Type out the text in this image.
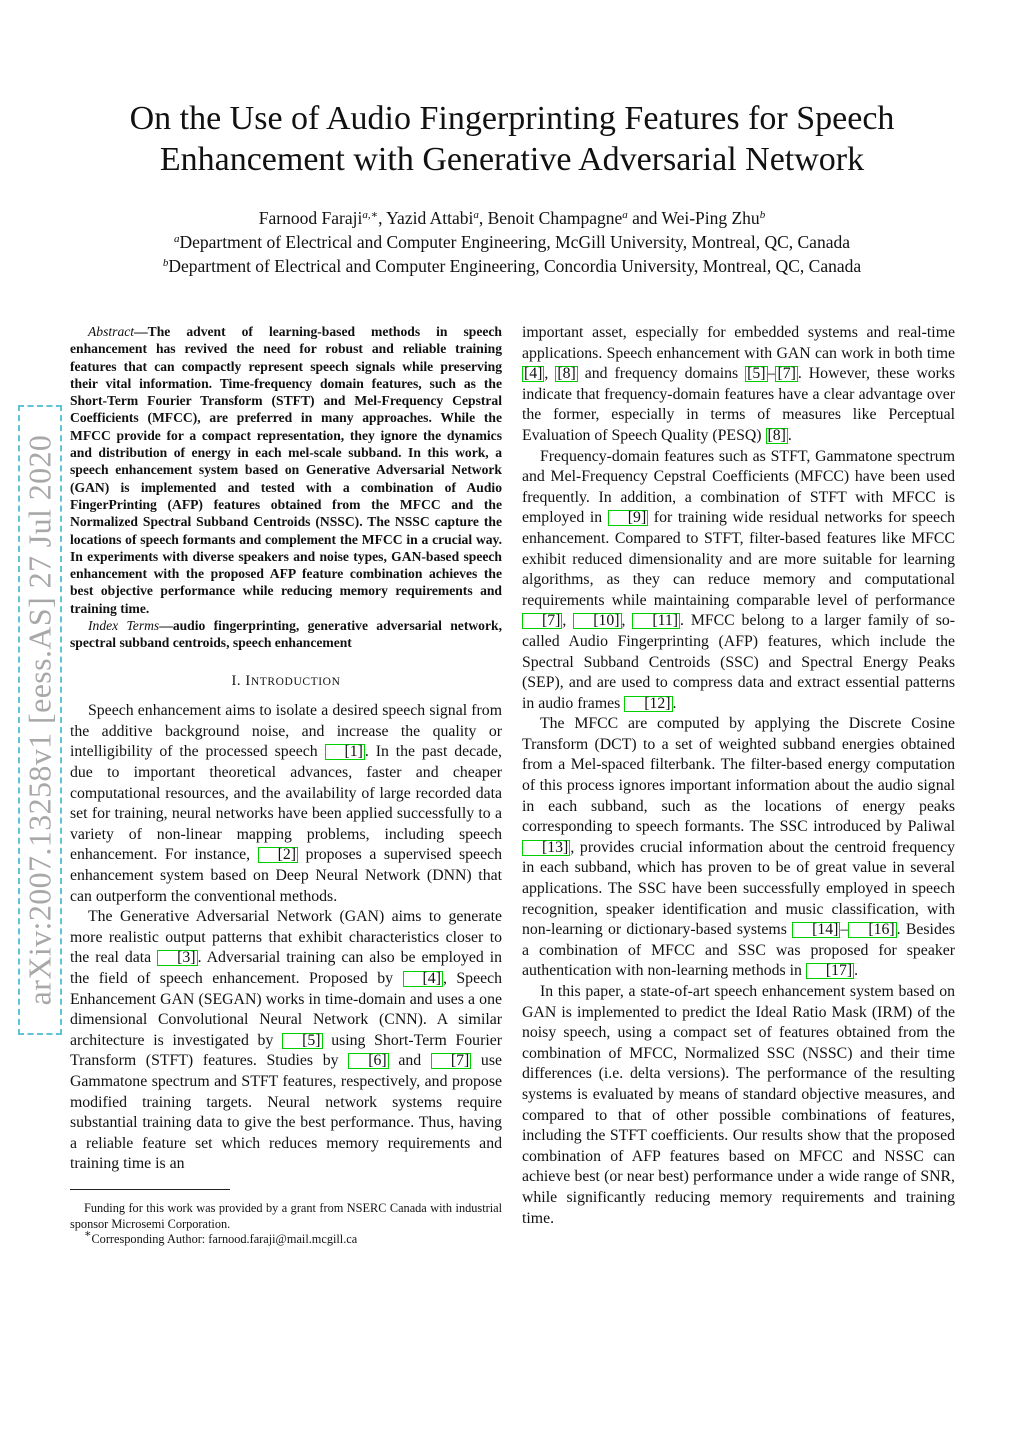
arXiv:2007.13258v1 [eess.AS] 27 Jul 2020
On the Use of Audio Fingerprinting Features for Speech
Enhancement with Generative Adversarial Network
Farnood Faraji$^{a,∗}$, Yazid Attabi$^a$, Benoit Champagne$^a$ and Wei-Ping Zhu$^b$
$^a$Department of Electrical and Computer Engineering, McGill University, Montreal, QC, Canada
$^b$Department of Electrical and Computer Engineering, Concordia University, Montreal, QC, Canada

Abstract—The advent of learning-based methods in speech enhancement has revived the need for robust and reliable training features that can compactly represent speech signals while preserving their vital information. Time-frequency domain features, such as the Short-Term Fourier Transform (STFT) and Mel-Frequency Cepstral Coefficients (MFCC), are preferred in many approaches. While the MFCC provide for a compact representation, they ignore the dynamics and distribution of energy in each mel-scale subband. In this work, a speech enhancement system based on Generative Adversarial Network (GAN) is implemented and tested with a combination of Audio FingerPrinting (AFP) features obtained from the MFCC and the Normalized Spectral Subband Centroids (NSSC). The NSSC capture the locations of speech formants and complement the MFCC in a crucial way. In experiments with diverse speakers and noise types, GAN-based speech enhancement with the proposed AFP feature combination achieves the best objective performance while reducing memory requirements and training time.

Index Terms—audio fingerprinting, generative adversarial network, spectral subband centroids, speech enhancement

I. INTRODUCTION

Speech enhancement aims to isolate a desired speech signal from the additive background noise, and increase the quality or intelligibility of the processed speech [1] . In the past decade, due to important theoretical advances, faster and cheaper computational resources, and the availability of large recorded data set for training, neural networks have been applied successfully to a variety of non-linear mapping problems, including speech enhancement. For instance, [2] proposes a supervised speech enhancement system based on Deep Neural Network (DNN) that can outperform the conventional methods.

The Generative Adversarial Network (GAN) aims to generate more realistic output patterns that exhibit characteristics closer to the real data [3] . Adversarial training can also be employed in the field of speech enhancement. Proposed by [4] , Speech Enhancement GAN (SEGAN) works in time-domain and uses a one dimensional Convolutional Neural Network (CNN). A similar architecture is investigated by [5] using Short-Term Fourier Transform (STFT) features. Studies by [6] and [7] use Gammatone spectrum and STFT features, respectively, and propose modified training targets. Neural network systems require substantial training data to give the best performance. Thus, having a reliable feature set which reduces memory requirements and training time is an

Funding for this work was provided by a grant from NSERC Canada with industrial sponsor Microsemi Corporation.

∗Corresponding Author: farnood.faraji@mail.mcgill.ca

important asset, especially for embedded systems and real-time applications. Speech enhancement with GAN can work in both time [4] , [8] and frequency domains [5] – [7] . However, these works indicate that frequency-domain features have a clear advantage over the former, especially in terms of measures like Perceptual Evaluation of Speech Quality (PESQ) [8] .

Frequency-domain features such as STFT, Gammatone spectrum and Mel-Frequency Cepstral Coefficients (MFCC) have been used frequently. In addition, a combination of STFT with MFCC is employed in [9] for training wide residual networks for speech enhancement. Compared to STFT, filter-based features like MFCC exhibit reduced dimensionality and are more suitable for learning algorithms, as they can reduce memory and computational requirements while maintaining comparable level of performance [7] , [10] , [11] . MFCC belong to a larger family of so-called Audio Fingerprinting (AFP) features, which include the Spectral Subband Centroids (SSC) and Spectral Energy Peaks (SEP), and are used to compress data and extract essential patterns in audio frames [12] .

The MFCC are computed by applying the Discrete Cosine Transform (DCT) to a set of weighted subband energies obtained from a Mel-spaced filterbank. The filter-based energy computation of this process ignores important information about the audio signal in each subband, such as the locations of energy peaks corresponding to speech formants. The SSC introduced by Paliwal [13] , provides crucial information about the centroid frequency in each subband, which has proven to be of great value in several applications. The SSC have been successfully employed in speech recognition, speaker identification and music classification, with non-learning or dictionary-based systems [14] – [16] . Besides a combination of MFCC and SSC was proposed for speaker authentication with non-learning methods in [17] .

In this paper, a state-of-art speech enhancement system based on GAN is implemented to predict the Ideal Ratio Mask (IRM) of the noisy speech, using a compact set of features obtained from the combination of MFCC, Normalized SSC (NSSC) and their time differences (i.e. delta versions). The performance of the resulting systems is evaluated by means of standard objective measures, and compared to that of other possible combinations of features, including the STFT coefficients. Our results show that the proposed combination of AFP features based on MFCC and NSSC can achieve best (or near best) performance under a wide range of SNR, while significantly reducing memory requirements and training time.
